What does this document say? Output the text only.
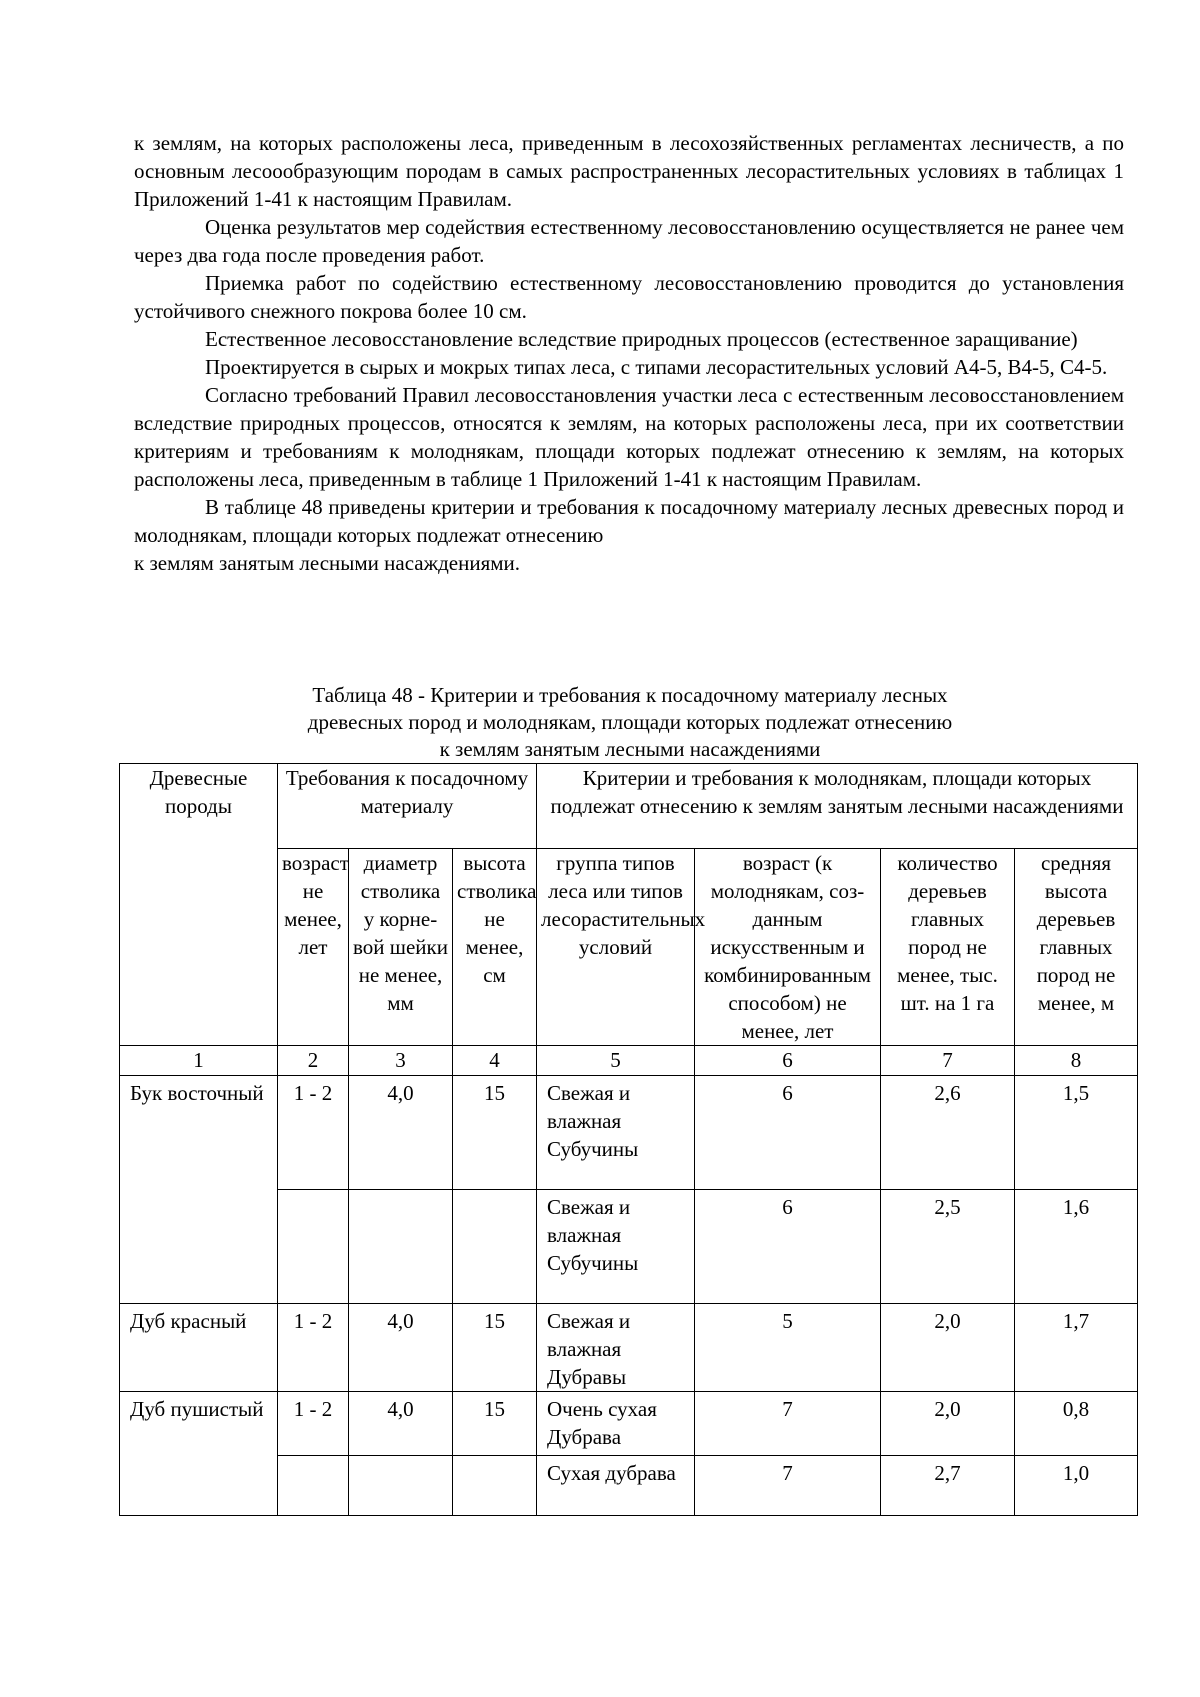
к землям, на которых расположены леса, приведенным в лесохозяйственных регламентах лесничеств, а по основным лесоообразующим породам в самых распространенных лесорастительных условиях в таблицах 1 Приложений 1-41 к настоящим Правилам.

Оценка результатов мер содействия естественному лесовосстановлению осуществляется не ранее чем через два года после проведения работ.

Приемка работ по содействию естественному лесовосстановлению проводится до установления устойчивого снежного покрова более 10 см.

Естественное лесовосстановление вследствие природных процессов (естественное заращивание)

Проектируется в сырых и мокрых типах леса, с типами лесорастительных условий А4-5, В4-5, С4-5.

Согласно требований Правил лесовосстановления участки леса с естественным лесовосстановлением вследствие природных процессов, относятся к землям, на которых расположены леса, при их соответствии критериям и требованиям к молоднякам, площади которых подлежат отнесению к землям, на которых расположены леса, приведенным в таблице 1 Приложений 1-41 к настоящим Правилам.

В таблице 48 приведены критерии и требования к посадочному материалу лесных древесных пород и молоднякам, площади которых подлежат отнесению

к землям занятым лесными насаждениями.

Таблица 48 - Критерии и требования к посадочному материалу лесных
древесных пород и молоднякам, площади которых подлежат отнесению
к землям занятым лесными насаждениями
Древесные породы	Требования к посадочному материалу			Критерии и требования к молоднякам, площади которых подлежат отнесению к землям занятым лесными насаждениями			
	возраст не менее, лет	диаметр стволика у корне-вой шейки не менее, мм	высота стволика не менее, см	группа типов леса или типов лесорастительных условий	возраст (к молоднякам, соз-данным искусственным и комбинированным способом) не менее, лет	количество деревьев главных пород не менее, тыс. шт. на 1 га	средняя высота деревьев главных пород не менее, м
1	2	3	4	5	6	7	8
Бук восточный	1 - 2	4,0	15	Свежая и влажная Субучины	6	2,6	1,5
				Свежая и влажная Субучины	6	2,5	1,6
Дуб красный	1 - 2	4,0	15	Свежая и влажная Дубравы	5	2,0	1,7
Дуб пушистый	1 - 2	4,0	15	Очень сухая Дубрава	7	2,0	0,8
				Сухая дубрава	7	2,7	1,0
